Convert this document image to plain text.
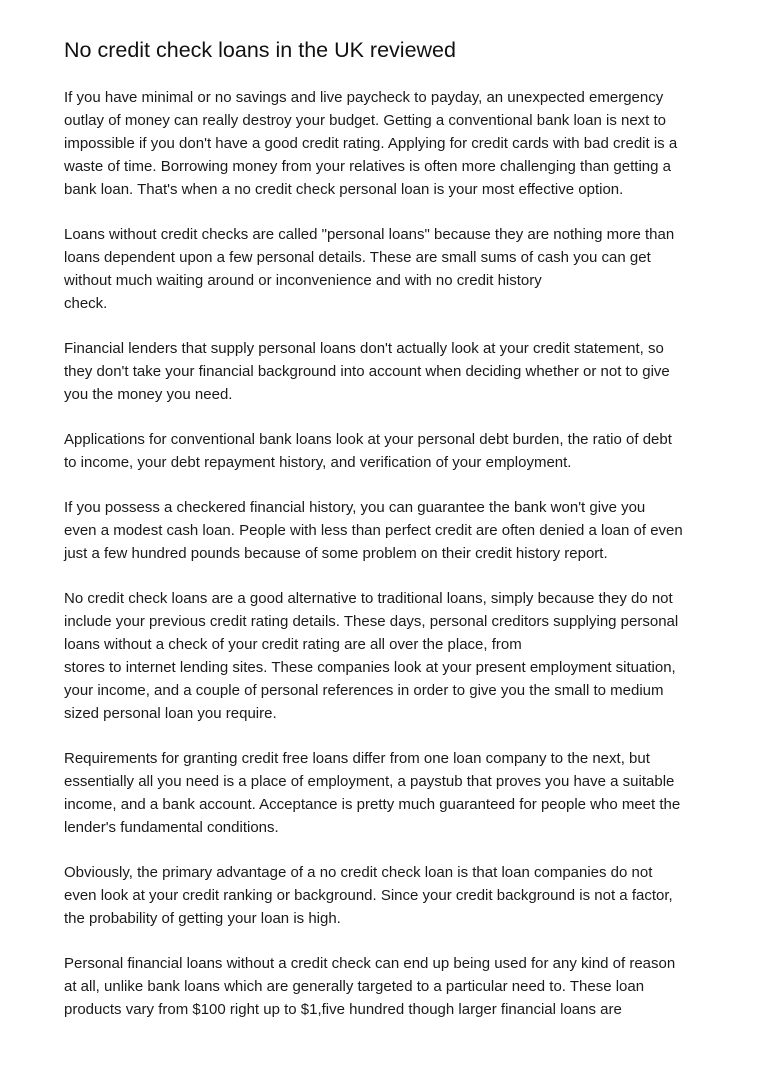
No credit check loans in the UK reviewed
If you have minimal or no savings and live paycheck to payday, an unexpected emergency
outlay of money can really destroy your budget. Getting a conventional bank loan is next to
impossible if you don't have a good credit rating. Applying for credit cards with bad credit is a
waste of time. Borrowing money from your relatives is often more challenging than getting a
bank loan. That's when a no credit check personal loan is your most effective option.
Loans without credit checks are called "personal loans" because they are nothing more than
loans dependent upon a few personal details. These are small sums of cash you can get
without much waiting around or inconvenience and with no credit history
check.
Financial lenders that supply personal loans don't actually look at your credit statement, so
they don't take your financial background into account when deciding whether or not to give
you the money you need.
Applications for conventional bank loans look at your personal debt burden, the ratio of debt
to income, your debt repayment history, and verification of your employment.
If you possess a checkered financial history, you can guarantee the bank won't give you
even a modest cash loan. People with less than perfect credit are often denied a loan of even
just a few hundred pounds because of some problem on their credit history report.
No credit check loans are a good alternative to traditional loans, simply because they do not
include your previous credit rating details. These days, personal creditors supplying personal
loans without a check of your credit rating are all over the place, from
stores to internet lending sites. These companies look at your present employment situation,
your income, and a couple of personal references in order to give you the small to medium
sized personal loan you require.
Requirements for granting credit free loans differ from one loan company to the next, but
essentially all you need is a place of employment, a paystub that proves you have a suitable
income, and a bank account. Acceptance is pretty much guaranteed for people who meet the
lender's fundamental conditions.
Obviously, the primary advantage of a no credit check loan is that loan companies do not
even look at your credit ranking or background. Since your credit background is not a factor,
the probability of getting your loan is high.
Personal financial loans without a credit check can end up being used for any kind of reason
at all, unlike bank loans which are generally targeted to a particular need to. These loan
products vary from $100 right up to $1,five hundred though larger financial loans are
